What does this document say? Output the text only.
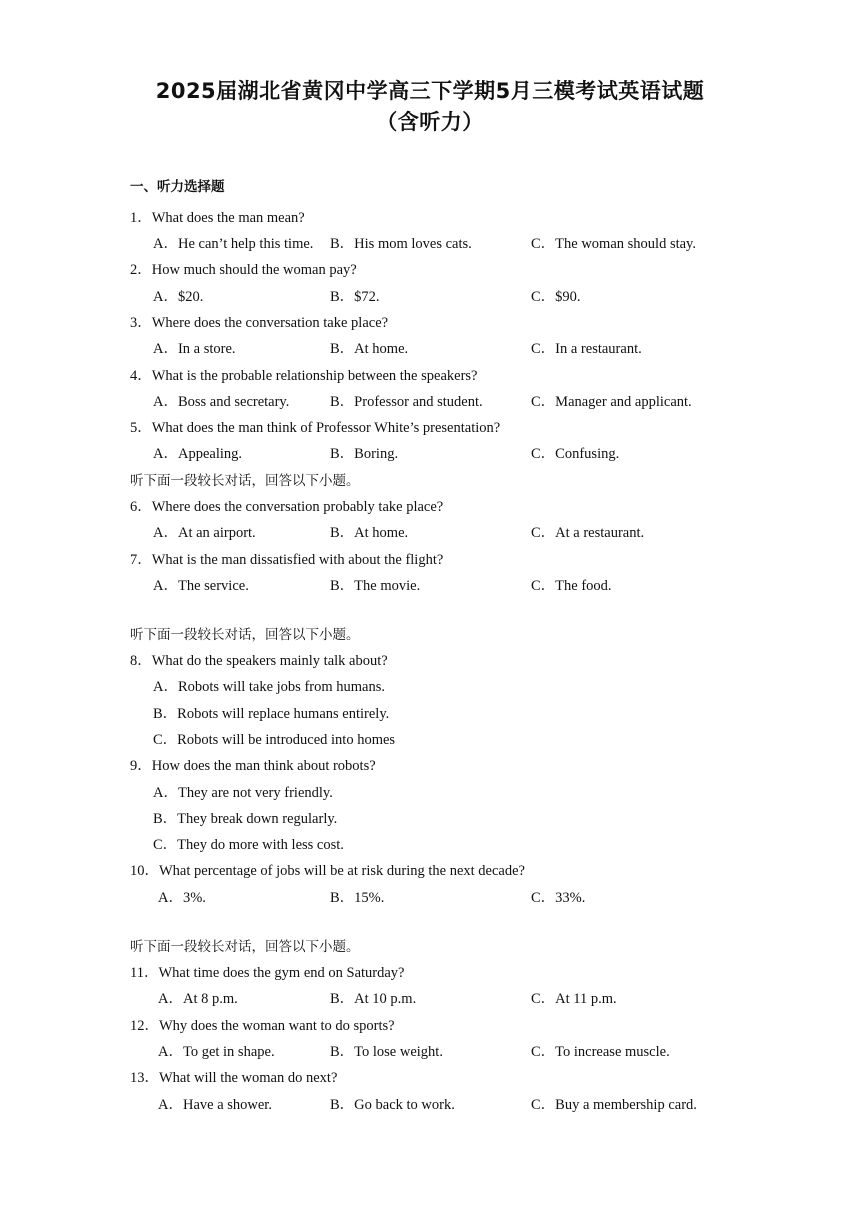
2025届湖北省黄冈中学高三下学期5月三模考试英语试题
（含听力）
一、听力选择题
1．What does the man mean?
A．He can’t help this time. B．His mom loves cats.	C．The woman should stay.
2．How much should the woman pay?
A．$20.	B．$72.	C．$90.
3．Where does the conversation take place?
A．In a store.	B．At home.	C．In a restaurant.
4．What is the probable relationship between the speakers?
A．Boss and secretary.	B．Professor and student.	C．Manager and applicant.
5．What does the man think of Professor White’s presentation?
A．Appealing.	B．Boring.	C．Confusing.
听下面一段较长对话，回答以下小题。
6．Where does the conversation probably take place?
A．At an airport.	B．At home.	C．At a restaurant.
7．What is the man dissatisfied with about the flight?
A．The service.	B．The movie.	C．The food.
听下面一段较长对话，回答以下小题。
8．What do the speakers mainly talk about?
A．Robots will take jobs from humans.
B．Robots will replace humans entirely.
C．Robots will be introduced into homes
9．How does the man think about robots?
A．They are not very friendly.
B．They break down regularly.
C．They do more with less cost.
10．What percentage of jobs will be at risk during the next decade?
A．3%.	B．15%.	C．33%.
听下面一段较长对话，回答以下小题。
11．What time does the gym end on Saturday?
A．At 8 p.m.	B．At 10 p.m.	C．At 11 p.m.
12．Why does the woman want to do sports?
A．To get in shape.	B．To lose weight.	C．To increase muscle.
13．What will the woman do next?
A．Have a shower.	B．Go back to work.	C．Buy a membership card.
